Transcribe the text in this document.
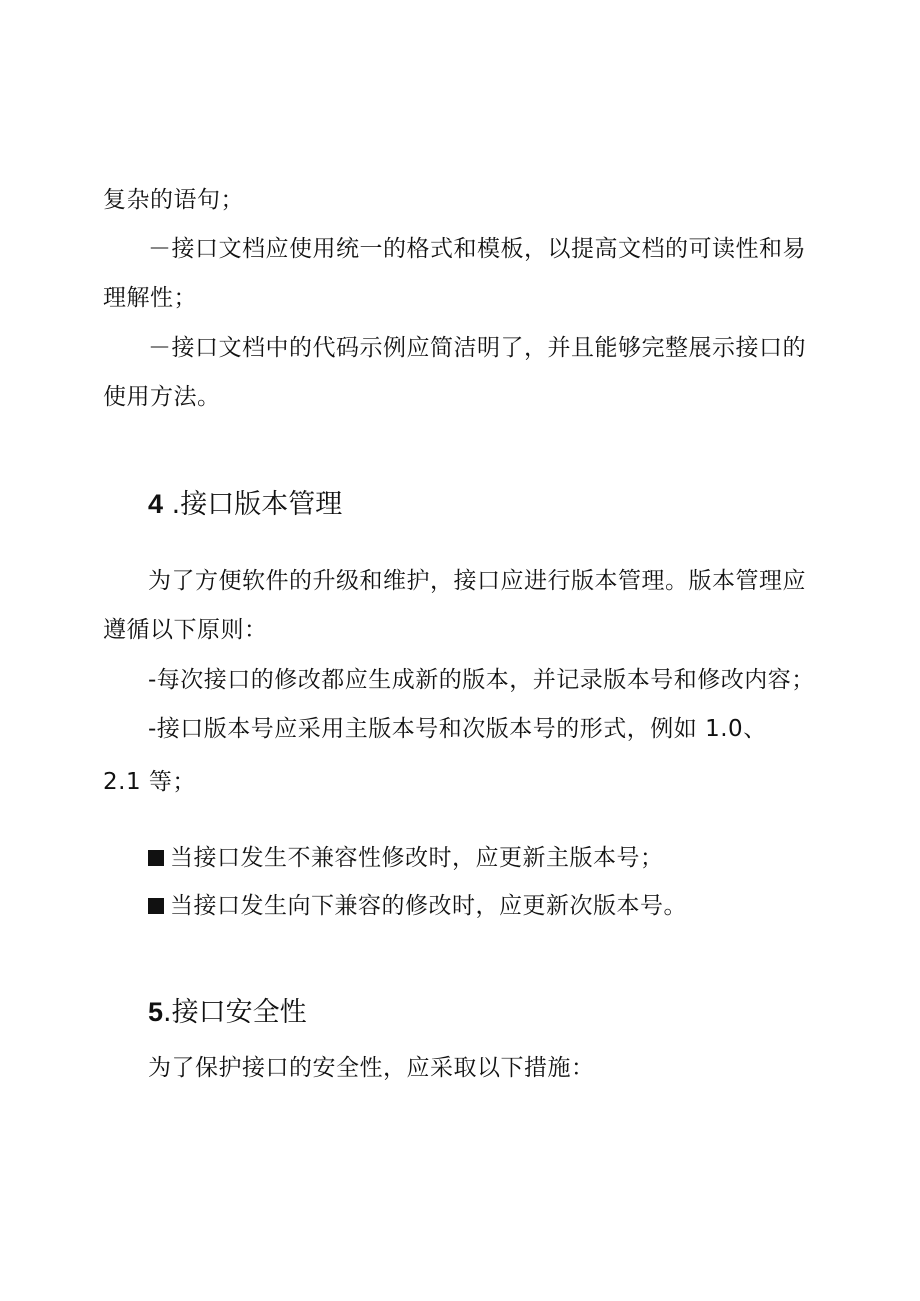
复杂的语句；
－接口文档应使用统一的格式和模板，以提高文档的可读性和易
理解性；
－接口文档中的代码示例应简洁明了，并且能够完整展示接口的
使用方法。
4 .接口版本管理
为了方便软件的升级和维护，接口应进行版本管理。版本管理应
遵循以下原则：
-每次接口的修改都应生成新的版本，并记录版本号和修改内容；
-接口版本号应采用主版本号和次版本号的形式，例如 1.0、
2.1 等；
当接口发生不兼容性修改时，应更新主版本号；
当接口发生向下兼容的修改时，应更新次版本号。
5.接口安全性
为了保护接口的安全性，应采取以下措施：
